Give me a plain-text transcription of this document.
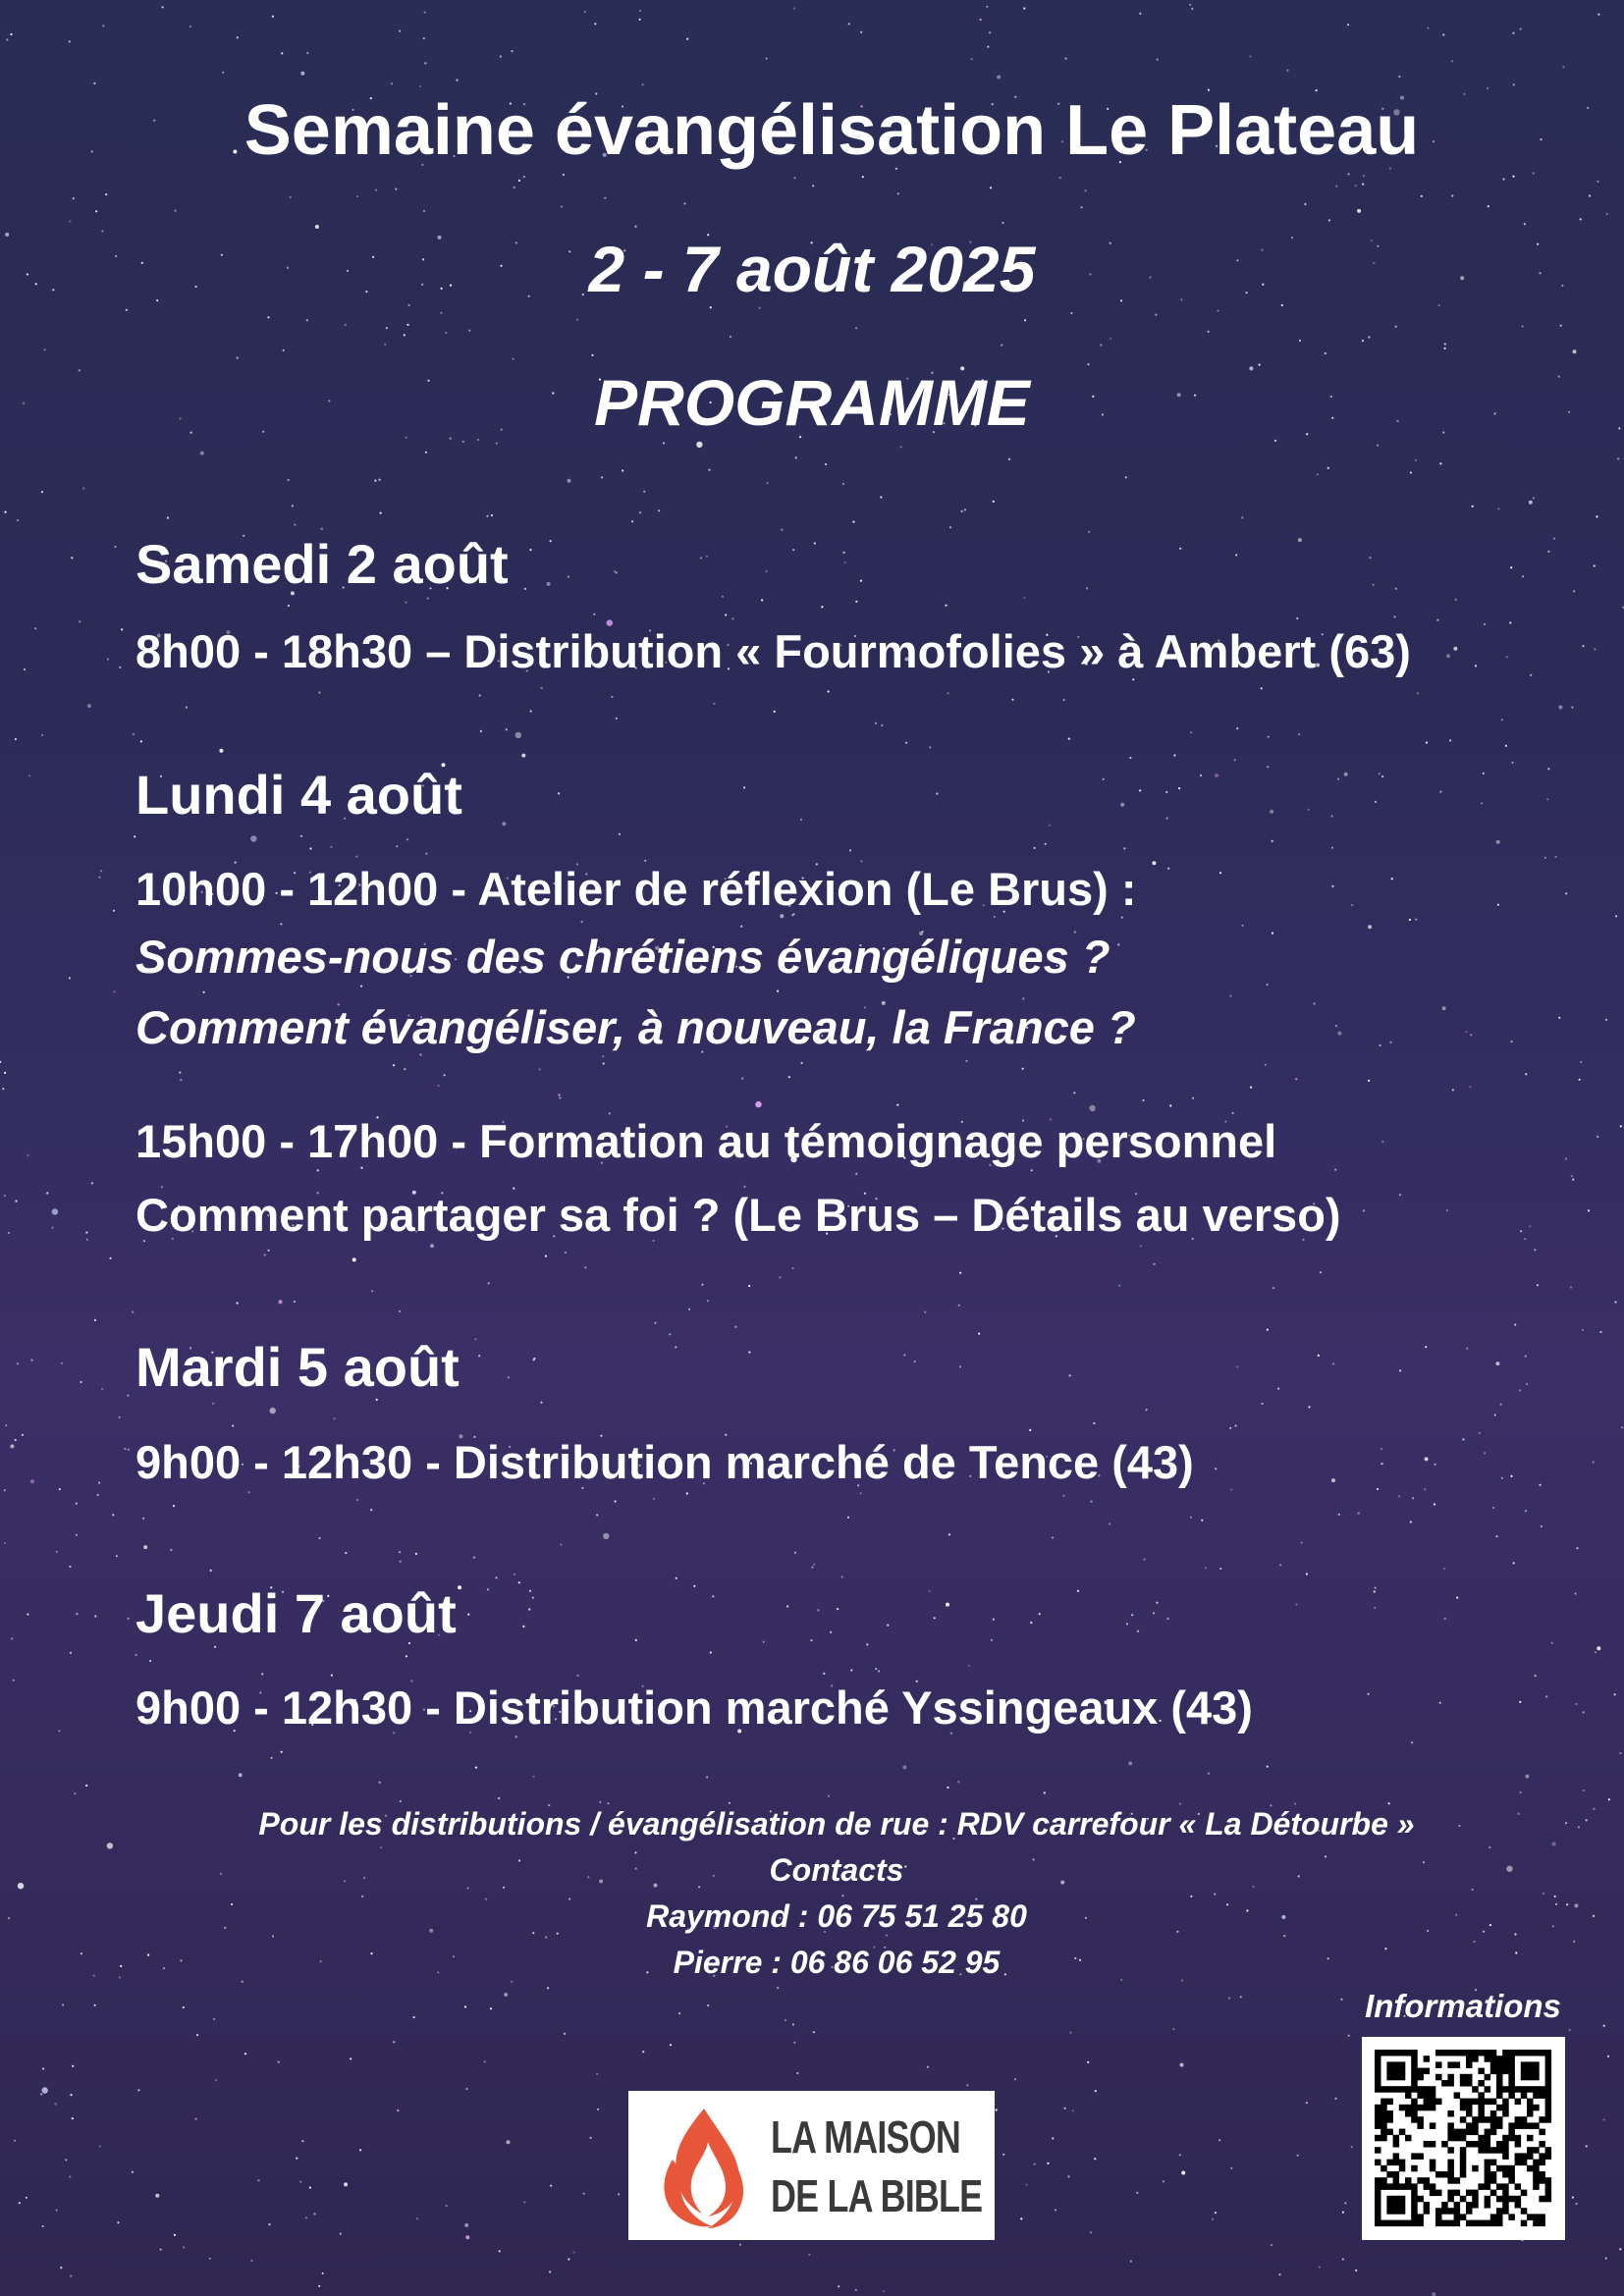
Semaine évangélisation Le Plateau
2 - 7 août 2025
PROGRAMME
Samedi 2 août
8h00 - 18h30 – Distribution « Fourmofolies » à Ambert (63)
Lundi 4 août
10h00 - 12h00 - Atelier de réflexion (Le Brus) :
Sommes-nous des chrétiens évangéliques ?
Comment évangéliser, à nouveau, la France ?
15h00 - 17h00 - Formation au témoignage personnel
Comment partager sa foi ? (Le Brus – Détails au verso)
Mardi 5 août
9h00 - 12h30 - Distribution marché de Tence (43)
Jeudi 7 août
9h00 - 12h30 - Distribution marché Yssingeaux (43)
Pour les distributions / évangélisation de rue : RDV carrefour « La Détourbe »
Contacts
Raymond : 06 75 51 25 80
Pierre : 06 86 06 52 95
Informations
LA MAISON
DE LA BIBLE
